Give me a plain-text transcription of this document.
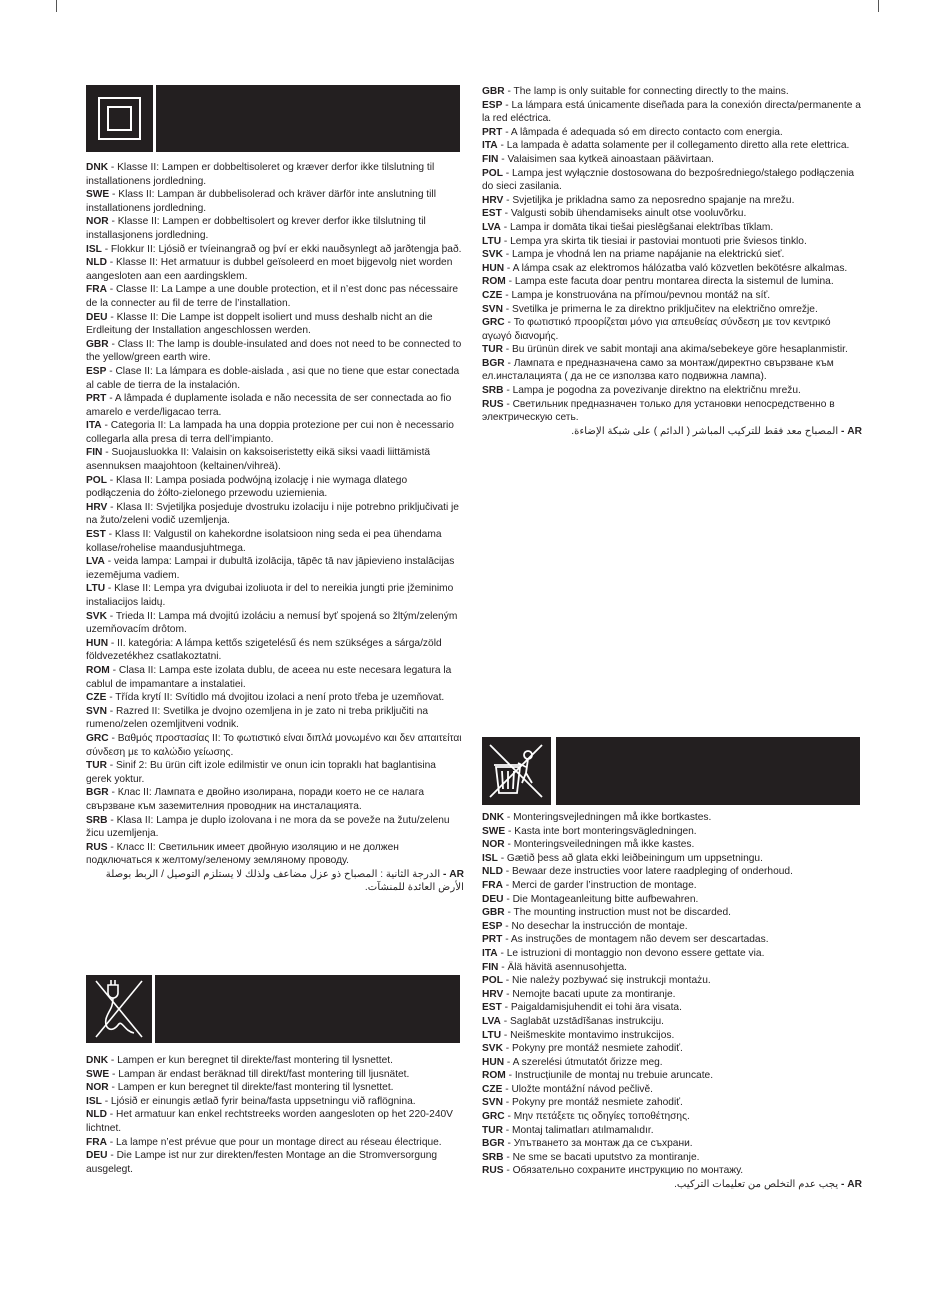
DNK - Klasse II: Lampen er dobbeltisoleret og kræver derfor ikke tilslutning til installationens jordledning.

SWE - Klass II: Lampan är dubbelisolerad och kräver därför inte anslutning till installationens jordledning.

NOR - Klasse II: Lampen er dobbeltisolert og krever derfor ikke tilslutning til installasjonens jordledning.

ISL - Flokkur II: Ljósið er tvíeinangrað og því er ekki nauðsynlegt að jarðtengja það.

NLD - Klasse II: Het armatuur is dubbel geïsoleerd en moet bijgevolg niet worden aangesloten aan een aardingsklem.

FRA - Classe II: La Lampe a une double protection, et il n’est donc pas nécessaire de la connecter au fil de terre de l’installation.

DEU - Klasse II: Die Lampe ist doppelt isoliert und muss deshalb nicht an die Erdleitung der Installation angeschlossen werden.

GBR - Class II: The lamp is double-insulated and does not need to be connected to the yellow/green earth wire.

ESP - Clase II: La lámpara es doble-aislada , asi que no tiene que estar conectada al cable de tierra de la instalación.

PRT - A lâmpada é duplamente isolada e não necessita de ser connectada ao fio amarelo e verde/ligacao terra.

ITA - Categoria II: La lampada ha una doppia protezione per cui non è necessario collegarla alla presa di terra dell’impianto.

FIN - Suojausluokka II: Valaisin on kaksoiseristetty eikä siksi vaadi liittämistä asennuksen maajohtoon (keltainen/vihreä).

POL - Klasa II: Lampa posiada podwójną izolację i nie wymaga dlatego podłączenia do żółto-zielonego przewodu uziemienia.

HRV - Klasa II: Svjetiljka posjeduje dvostruku izolaciju i nije potrebno priključivati je na žuto/zeleni vodič uzemljenja.

EST - Klass II: Valgustil on kahekordne isolatsioon ning seda ei pea ühendama kollase/rohelise maandusjuhtmega.

LVA - veida lampa: Lampai ir dubultā izolācija, tāpēc tā nav jāpievieno instalācijas iezemējuma vadiem.

LTU - Klase II: Lempa yra dvigubai izoliuota ir del to nereikia jungti prie įžeminimo instaliacijos laidų.

SVK - Trieda II: Lampa má dvojitú izoláciu a nemusí byť spojená so žltým/zeleným uzemňovacím drôtom.

HUN - II. kategória: A lámpa kettős szigetelésű és nem szükséges a sárga/zöld földvezetékhez csatlakoztatni.

ROM - Clasa II: Lampa este izolata dublu, de aceea nu este necesara legatura la cablul de impamantare a instalatiei.

CZE - Třída krytí II: Svítidlo má dvojitou izolaci a není proto třeba je uzemňovat.

SVN - Razred II: Svetilka je dvojno ozemljena in je zato ni treba priključiti na rumeno/zelen ozemljitveni vodnik.

GRC - Βαθμός προστασίας ΙΙ: Το φωτιστικό είναι διπλά μονωμένο και δεν απαιτείται σύνδεση με το καλώδιο γείωσης.

TUR - Sinif 2: Bu ürün cift izole edilmistir ve onun icin topraklı hat baglantisina gerek yoktur.

BGR - Клас II: Лампата е двойно изолирана, поради което не се налага свързване към заземителния проводник на инсталацията.

SRB - Klasa II: Lampa je duplo izolovana i ne mora da se poveže na žutu/zelenu žicu uzemljenja.

RUS - Класс II: Светильник имеет двойную изоляцию и не должен подключаться к желтому/зеленому земляному проводу.

AR - الدرجة الثانية : المصباح ذو عزل مضاعف ولذلك لا يستلزم التوصيل / الربط بوصلة الأرض العائدة للمنشآت.

DNK - Lampen er kun beregnet til direkte/fast montering til lysnettet.

SWE - Lampan är endast beräknad till direkt/fast montering till ljusnätet.

NOR - Lampen er kun beregnet til direkte/fast montering til lysnettet.

ISL - Ljósið er einungis ætlað fyrir beina/fasta uppsetningu við raflögnina.

NLD - Het armatuur kan enkel rechtstreeks worden aangesloten op het 220-240V lichtnet.

FRA - La lampe n’est prévue que pour un montage direct au réseau électrique.

DEU - Die Lampe ist nur zur direkten/festen Montage an die Stromversorgung ausgelegt.

GBR - The lamp is only suitable for connecting directly to the mains.

ESP - La lámpara está únicamente diseñada para la conexión directa/permanente a la red eléctrica.

PRT - A lâmpada é adequada só em directo contacto com energia.

ITA - La lampada è adatta solamente per il collegamento diretto alla rete elettrica.

FIN - Valaisimen saa kytkeä ainoastaan päävirtaan.

POL - Lampa jest wyłącznie dostosowana do bezpośredniego/stałego podłączenia do sieci zasilania.

HRV - Svjetiljka je prikladna samo za neposredno spajanje na mrežu.

EST - Valgusti sobib ühendamiseks ainult otse vooluvõrku.

LVA - Lampa ir domāta tikai tiešai pieslēgšanai elektrības tīklam.

LTU - Lempa yra skirta tik tiesiai ir pastoviai montuoti prie šviesos tinklo.

SVK - Lampa je vhodná len na priame napájanie na elektrickú sieť.

HUN - A lámpa csak az elektromos hálózatba való közvetlen bekötésre alkalmas.

ROM - Lampa este facuta doar pentru montarea directa la sistemul de lumina.

CZE - Lampa je konstruována na přímou/pevnou montáž na síť.

SVN - Svetilka je primerna le za direktno priključitev na električno omrežje.

GRC - Το φωτιστικό προορίζεται μόνο για απευθείας σύνδεση με τον κεντρικό αγωγό διανομής.

TUR - Bu ürünün direk ve sabit montaji ana akima/sebekeye göre hesaplanmistir.

BGR - Лампата е предназначена само за монтаж/директно свързване към ел.инсталацията ( да не се използва като подвижна лампа).

SRB - Lampa je pogodna za povezivanje direktno na električnu mrežu.

RUS - Светильник предназначен только для установки непосредственно в электрическую сеть.

AR - المصباح معد فقط للتركيب المباشر ( الدائم ) على شبكة الإضاءة.

DNK - Monteringsvejledningen må ikke bortkastes.

SWE - Kasta inte bort monteringsvägledningen.

NOR - Monteringsveiledningen må ikke kastes.

ISL - Gætið þess að glata ekki leiðbeiningum um uppsetningu.

NLD - Bewaar deze instructies voor latere raadpleging of onderhoud.

FRA - Merci de garder l’instruction de montage.

DEU - Die Montageanleitung bitte aufbewahren.

GBR - The mounting instruction must not be discarded.

ESP - No desechar la instrucción de montaje.

PRT - As instruções de montagem não devem ser descartadas.

ITA - Le istruzioni di montaggio non devono essere gettate via.

FIN - Älä hävitä asennusohjetta.

POL - Nie należy pozbywać się instrukcji montażu.

HRV - Nemojte bacati upute za montiranje.

EST - Paigaldamisjuhendit ei tohi ära visata.

LVA - Saglabāt uzstādīšanas instrukciju.

LTU - Neišmeskite montavimo instrukcijos.

SVK - Pokyny pre montáž nesmiete zahodiť.

HUN - A szerelési útmutatót őrizze meg.

ROM - Instrucțiunile de montaj nu trebuie aruncate.

CZE - Uložte montážní návod pečlivě.

SVN - Pokyny pre montáž nesmiete zahodiť.

GRC - Μην πετάξετε τις οδηγίες τοποθέτησης.

TUR - Montaj talimatları atılmamalıdır.

BGR - Упътването за монтаж да се съхрани.

SRB - Ne sme se bacati uputstvo za montiranje.

RUS - Обязательно сохраните инструкцию по монтажу.

AR - يجب عدم التخلص من تعليمات التركيب.
